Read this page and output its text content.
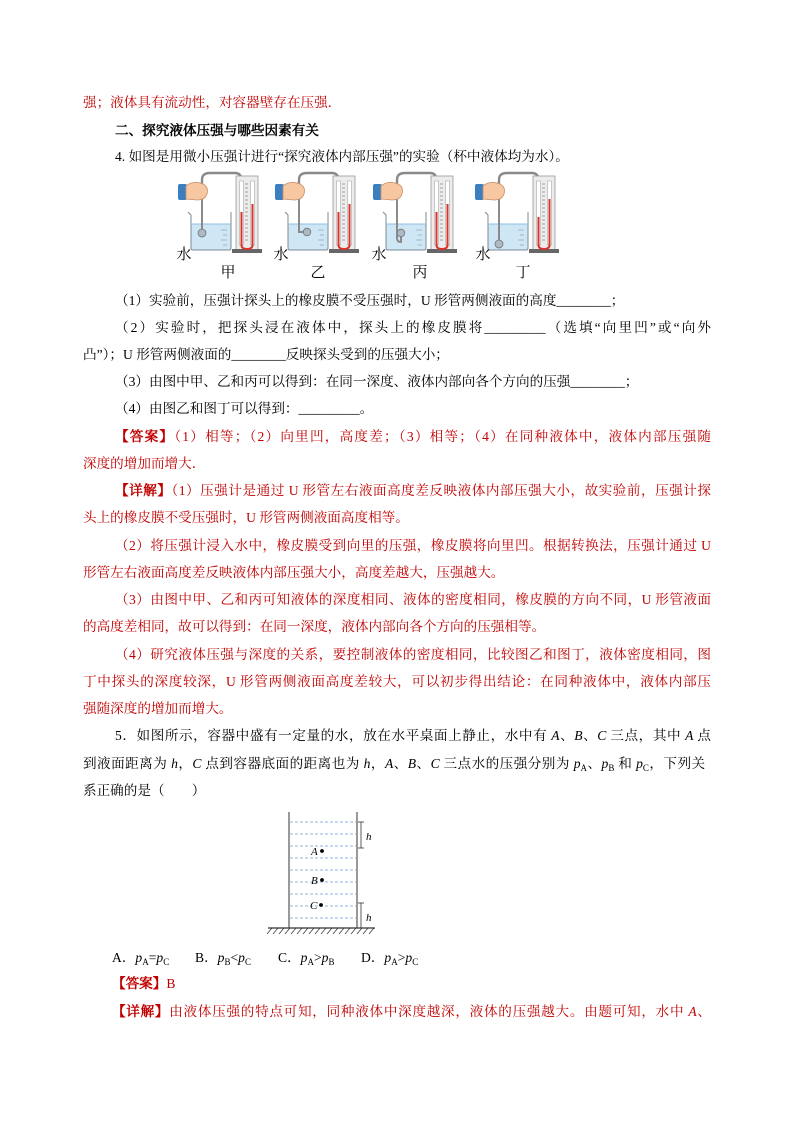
强；液体具有流动性，对容器壁存在压强．
二、探究液体压强与哪些因素有关
4. 如图是用微小压强计进行“探究液体内部压强”的实验（杯中液体均为水）。
水
甲
水
乙
水
丙
水
丁
（1）实验前，压强计探头上的橡皮膜不受压强时，U 形管两侧液面的高度________；
（2）实验时，把探头浸在液体中，探头上的橡皮膜将_________（选填“向里凹”或“向外
凸”）；U 形管两侧液面的________反映探头受到的压强大小；
（3）由图中甲、乙和丙可以得到：在同一深度、液体内部向各个方向的压强________；
（4）由图乙和图丁可以得到：_________。
【答案】（1）相等；（2）向里凹，高度差；（3）相等；（4）在同种液体中，液体内部压强随
深度的增加而增大．
【详解】（1）压强计是通过 U 形管左右液面高度差反映液体内部压强大小，故实验前，压强计探
头上的橡皮膜不受压强时，U 形管两侧液面高度相等。
（2）将压强计浸入水中，橡皮膜受到向里的压强，橡皮膜将向里凹。根据转换法，压强计通过 U
形管左右液面高度差反映液体内部压强大小，高度差越大，压强越大。
（3）由图中甲、乙和丙可知液体的深度相同、液体的密度相同，橡皮膜的方向不同，U 形管液面
的高度差相同，故可以得到：在同一深度，液体内部向各个方向的压强相等。
（4）研究液体压强与深度的关系，要控制液体的密度相同，比较图乙和图丁，液体密度相同，图
丁中探头的深度较深，U 形管两侧液面高度差较大，可以初步得出结论：在同种液体中，液体内部压
强随深度的增加而增大。
5．如图所示，容器中盛有一定量的水，放在水平桌面上静止，水中有 A、B、C 三点，其中 A 点
到液面距离为 h，C 点到容器底面的距离也为 h，A、B、C 三点水的压强分别为 $p_A$、$p_B$ 和 $p_C$，下列关
系正确的是（　　）
h
h
A
B
C
A．$p_A=p_C$ B．$p_B<p_C$ C．$p_A>p_B$ D．$p_A>p_C$
【答案】B
【详解】由液体压强的特点可知，同种液体中深度越深，液体的压强越大。由题可知，水中 A、
